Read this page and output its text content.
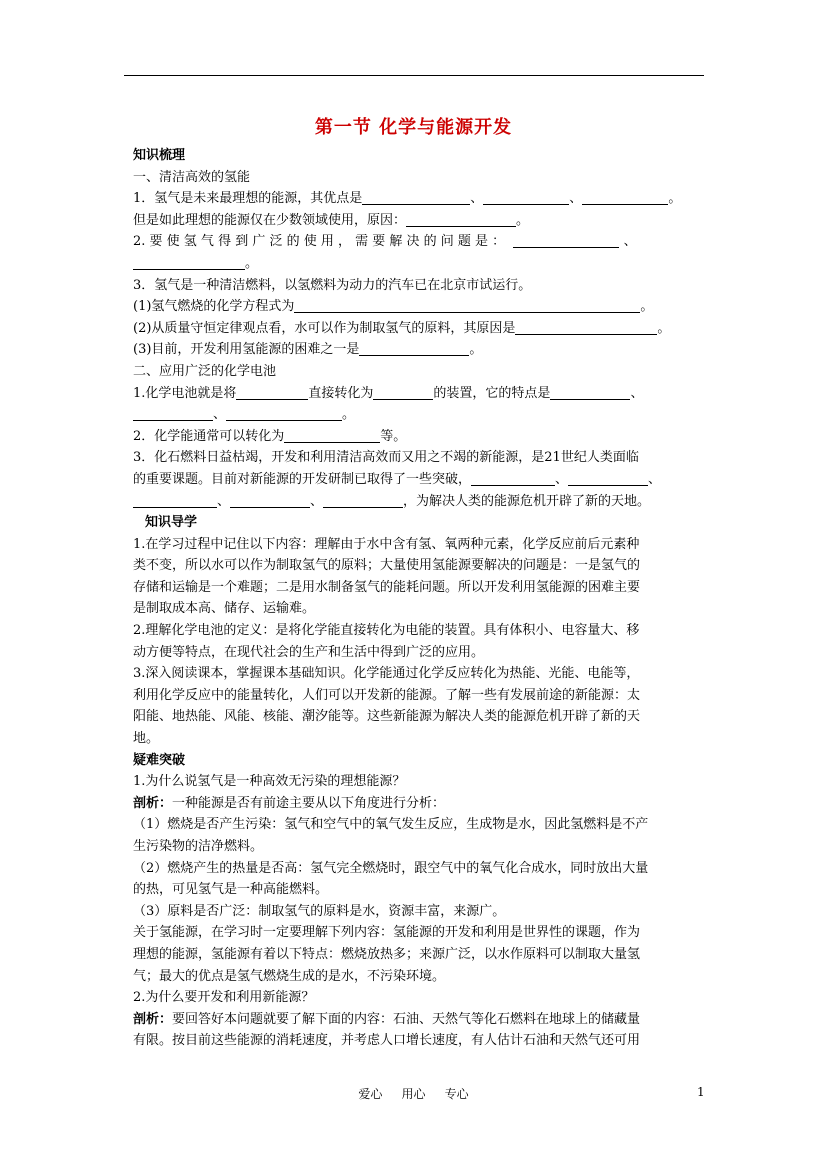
第一节 化学与能源开发
知识梳理
一、清洁高效的氢能
1．氢气是未来最理想的能源，其优点是	、	、	。
但是如此理想的能源仅在少数领域使用，原因：	。
2. 要 使 氢 气 得 到 广 泛 的 使 用 ， 需 要 解 决 的 问 题 是 ：	、
。
3．氢气是一种清洁燃料，以氢燃料为动力的汽车已在北京市试运行。
(1)氢气燃烧的化学方程式为	。
(2)从质量守恒定律观点看，水可以作为制取氢气的原料，其原因是	。
(3)目前，开发利用氢能源的困难之一是	。
二、应用广泛的化学电池
1.化学电池就是将	直接转化为	的装置，它的特点是	、
、	。
2．化学能通常可以转化为	等。
3．化石燃料日益枯竭，开发和利用清洁高效而又用之不竭的新能源，是21世纪人类面临
的重要课题。目前对新能源的开发研制已取得了一些突破，	、	、
、	、	，为解决人类的能源危机开辟了新的天地。
知识导学
1.在学习过程中记住以下内容：理解由于水中含有氢、氧两种元素，化学反应前后元素种
类不变，所以水可以作为制取氢气的原料；大量使用氢能源要解决的问题是：一是氢气的
存储和运输是一个难题；二是用水制备氢气的能耗问题。所以开发利用氢能源的困难主要
是制取成本高、储存、运输难。
2.理解化学电池的定义：是将化学能直接转化为电能的装置。具有体积小、电容量大、移
动方便等特点，在现代社会的生产和生活中得到广泛的应用。
3.深入阅读课本，掌握课本基础知识。化学能通过化学反应转化为热能、光能、电能等，
利用化学反应中的能量转化，人们可以开发新的能源。了解一些有发展前途的新能源：太
阳能、地热能、风能、核能、潮汐能等。这些新能源为解决人类的能源危机开辟了新的天
地。
疑难突破
1.为什么说氢气是一种高效无污染的理想能源？
剖析：一种能源是否有前途主要从以下角度进行分析：
（1）燃烧是否产生污染：氢气和空气中的氧气发生反应，生成物是水，因此氢燃料是不产
生污染物的洁净燃料。
（2）燃烧产生的热量是否高：氢气完全燃烧时，跟空气中的氧气化合成水，同时放出大量
的热，可见氢气是一种高能燃料。
（3）原料是否广泛：制取氢气的原料是水，资源丰富，来源广。
关于氢能源，在学习时一定要理解下列内容：氢能源的开发和利用是世界性的课题，作为
理想的能源，氢能源有着以下特点：燃烧放热多；来源广泛，以水作原料可以制取大量氢
气；最大的优点是氢气燃烧生成的是水，不污染环境。
2.为什么要开发和利用新能源？
剖析：要回答好本问题就要了解下面的内容：石油、天然气等化石燃料在地球上的储藏量
有限。按目前这些能源的消耗速度，并考虑人口增长速度，有人估计石油和天然气还可用
爱心     用心     专心	1
